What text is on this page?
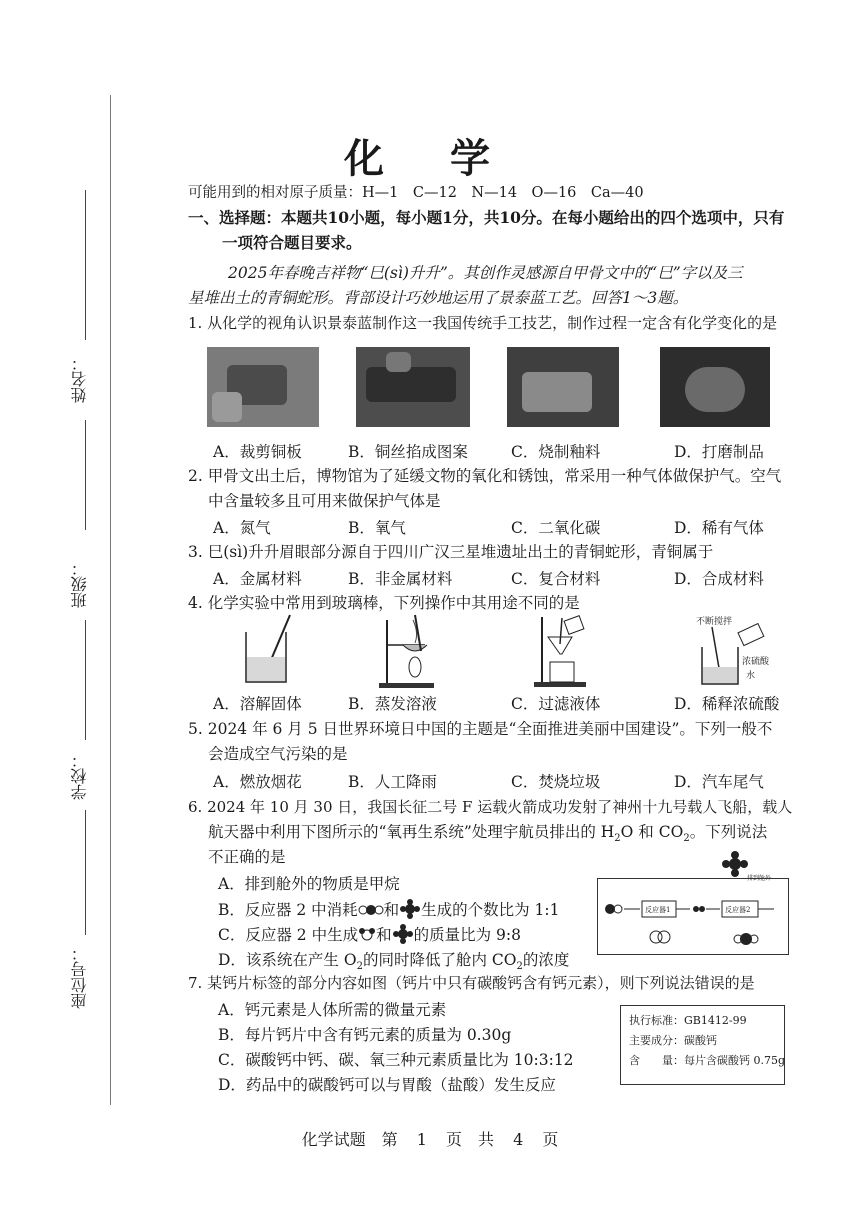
姓名：
班级：
学校：
座位号：
化 学
可能用到的相对原子质量：H—1　C—12　N—14　O—16　Ca—40
一、选择题：本题共10小题，每小题1分，共10分。在每小题给出的四个选项中，只有
一项符合题目要求。
2025年春晚吉祥物“巳(sì)升升”。其创作灵感源自甲骨文中的“巳”字以及三
星堆出土的青铜蛇形。背部设计巧妙地运用了景泰蓝工艺。回答1～3题。
1. 从化学的视角认识景泰蓝制作这一我国传统手工技艺，制作过程一定含有化学变化的是
A．裁剪铜板	B．铜丝掐成图案	C．烧制釉料	D．打磨制品
2. 甲骨文出土后，博物馆为了延缓文物的氧化和锈蚀，常采用一种气体做保护气。空气
中含量较多且可用来做保护气体是
A．氮气	B．氧气	C．二氧化碳	D．稀有气体
3. 巳(sì)升升眉眼部分源自于四川广汉三星堆遗址出土的青铜蛇形，青铜属于
A．金属材料	B．非金属材料	C．复合材料	D．合成材料
4. 化学实验中常用到玻璃棒，下列操作中其用途不同的是
不断搅拌
浓硫酸
水
A．溶解固体	B．蒸发溶液	C．过滤液体	D．稀释浓硫酸
5. 2024 年 6 月 5 日世界环境日中国的主题是“全面推进美丽中国建设”。下列一般不
会造成空气污染的是
A．燃放烟花	B．人工降雨	C．焚烧垃圾	D．汽车尾气
6. 2024 年 10 月 30 日，我国长征二号 F 运载火箭成功发射了神州十九号载人飞船，载人
航天器中利用下图所示的“氧再生系统”处理宇航员排出的 $H_2O$ 和 $CO_2$。下列说法
不正确的是
A．排到舱外的物质是甲烷
B．反应器 2 中消耗 和 生成的个数比为 1:1
C．反应器 2 中生成 和 的质量比为 9:8
D．该系统在产生 $O_2$的同时降低了舱内 $CO_2$的浓度
排到舱外
反应器1	反应器2
7. 某钙片标签的部分内容如图（钙片中只有碳酸钙含有钙元素），则下列说法错误的是
A．钙元素是人体所需的微量元素
B．每片钙片中含有钙元素的质量为 0.30g
C．碳酸钙中钙、碳、氧三种元素质量比为 10:3:12
D．药品中的碳酸钙可以与胃酸（盐酸）发生反应
执行标准：GB1412-99
主要成分：碳酸钙
含　　量：每片含碳酸钙 0.75g
化学试题　第 1 页　共 4 页
